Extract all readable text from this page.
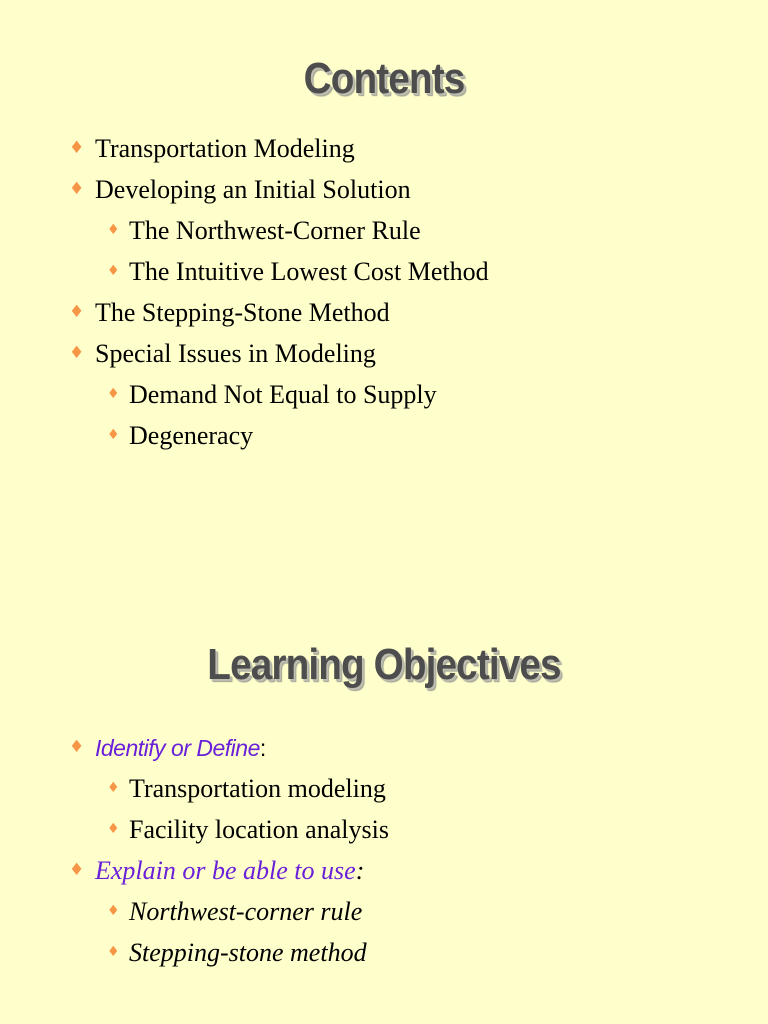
Contents
♦ Transportation Modeling
♦ Developing an Initial Solution
♦ The Northwest-Corner Rule
♦ The Intuitive Lowest Cost Method
♦ The Stepping-Stone Method
♦ Special Issues in Modeling
♦ Demand Not Equal to Supply
♦ Degeneracy
Learning Objectives
♦ Identify or Define:
♦ Transportation modeling
♦ Facility location analysis
♦ Explain or be able to use:
♦ Northwest-corner rule
♦ Stepping-stone method
